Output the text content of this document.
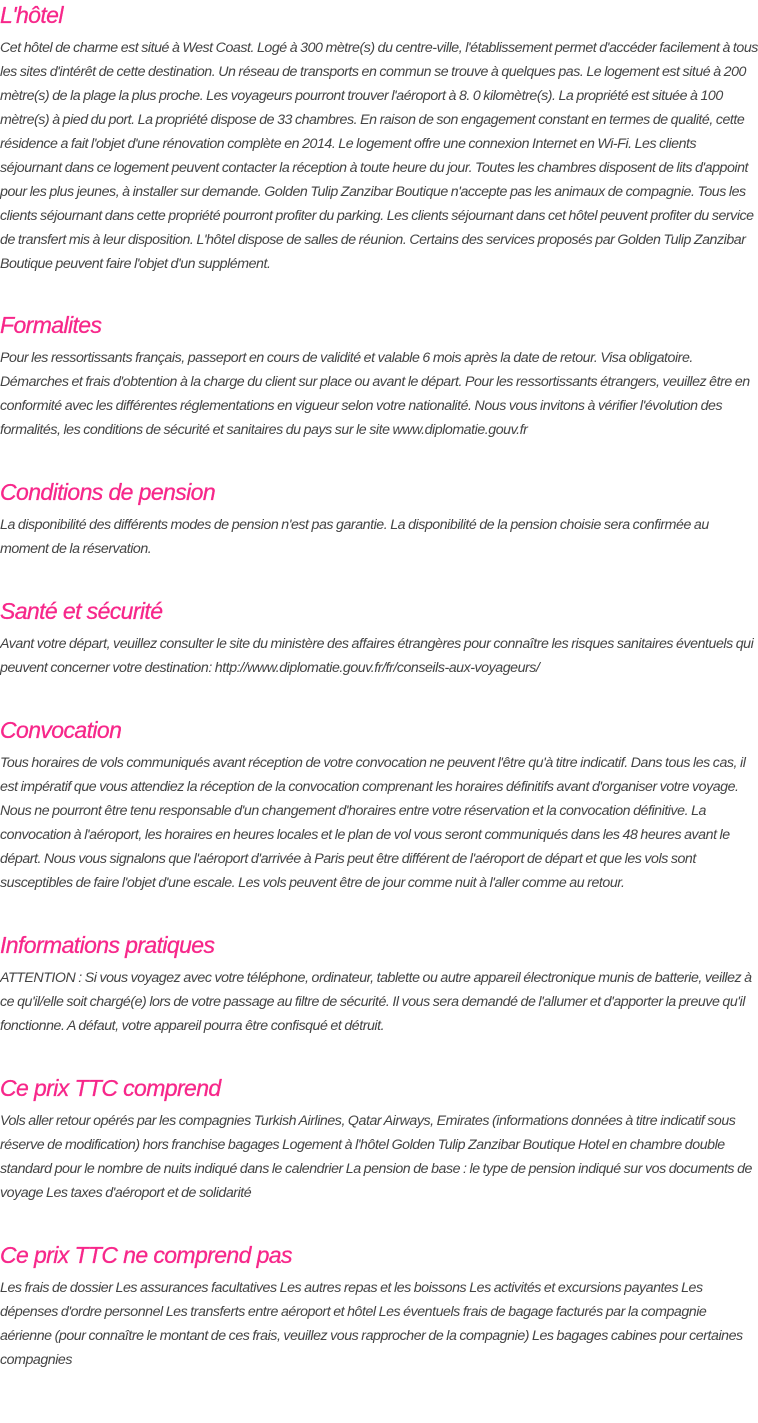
L'hôtel

Cet hôtel de charme est situé à West Coast. Logé à 300 mètre(s) du centre-ville, l'établissement permet d'accéder facilement à tous les sites d'intérêt de cette destination. Un réseau de transports en commun se trouve à quelques pas. Le logement est situé à 200 mètre(s) de la plage la plus proche. Les voyageurs pourront trouver l'aéroport à 8. 0 kilomètre(s). La propriété est située à 100 mètre(s) à pied du port. La propriété dispose de 33 chambres. En raison de son engagement constant en termes de qualité, cette résidence a fait l'objet d'une rénovation complète en 2014. Le logement offre une connexion Internet en Wi-Fi. Les clients séjournant dans ce logement peuvent contacter la réception à toute heure du jour. Toutes les chambres disposent de lits d'appoint pour les plus jeunes, à installer sur demande. Golden Tulip Zanzibar Boutique n'accepte pas les animaux de compagnie. Tous les clients séjournant dans cette propriété pourront profiter du parking. Les clients séjournant dans cet hôtel peuvent profiter du service de transfert mis à leur disposition. L'hôtel dispose de salles de réunion. Certains des services proposés par Golden Tulip Zanzibar Boutique peuvent faire l'objet d'un supplément.

Formalites

Pour les ressortissants français, passeport en cours de validité et valable 6 mois après la date de retour. Visa obligatoire. Démarches et frais d'obtention à la charge du client sur place ou avant le départ. Pour les ressortissants étrangers, veuillez être en conformité avec les différentes réglementations en vigueur selon votre nationalité. Nous vous invitons à vérifier l'évolution des formalités, les conditions de sécurité et sanitaires du pays sur le site www.diplomatie.gouv.fr

Conditions de pension

La disponibilité des différents modes de pension n'est pas garantie. La disponibilité de la pension choisie sera confirmée au moment de la réservation.

Santé et sécurité

Avant votre départ, veuillez consulter le site du ministère des affaires étrangères pour connaître les risques sanitaires éventuels qui peuvent concerner votre destination: http://www.diplomatie.gouv.fr/fr/conseils-aux-voyageurs/

Convocation

Tous horaires de vols communiqués avant réception de votre convocation ne peuvent l'être qu'à titre indicatif. Dans tous les cas, il est impératif que vous attendiez la réception de la convocation comprenant les horaires définitifs avant d'organiser votre voyage. Nous ne pourront être tenu responsable d'un changement d'horaires entre votre réservation et la convocation définitive. La convocation à l'aéroport, les horaires en heures locales et le plan de vol vous seront communiqués dans les 48 heures avant le départ. Nous vous signalons que l'aéroport d'arrivée à Paris peut être différent de l'aéroport de départ et que les vols sont susceptibles de faire l'objet d'une escale. Les vols peuvent être de jour comme nuit à l'aller comme au retour.

Informations pratiques

ATTENTION : Si vous voyagez avec votre téléphone, ordinateur, tablette ou autre appareil électronique munis de batterie, veillez à ce qu'il/elle soit chargé(e) lors de votre passage au filtre de sécurité. Il vous sera demandé de l'allumer et d'apporter la preuve qu'il fonctionne. A défaut, votre appareil pourra être confisqué et détruit.

Ce prix TTC comprend

Vols aller retour opérés par les compagnies Turkish Airlines, Qatar Airways, Emirates (informations données à titre indicatif sous réserve de modification) hors franchise bagages Logement à l'hôtel Golden Tulip Zanzibar Boutique Hotel en chambre double standard pour le nombre de nuits indiqué dans le calendrier La pension de base : le type de pension indiqué sur vos documents de voyage Les taxes d'aéroport et de solidarité

Ce prix TTC ne comprend pas

Les frais de dossier Les assurances facultatives Les autres repas et les boissons Les activités et excursions payantes Les dépenses d'ordre personnel Les transferts entre aéroport et hôtel Les éventuels frais de bagage facturés par la compagnie aérienne (pour connaître le montant de ces frais, veuillez vous rapprocher de la compagnie) Les bagages cabines pour certaines compagnies
